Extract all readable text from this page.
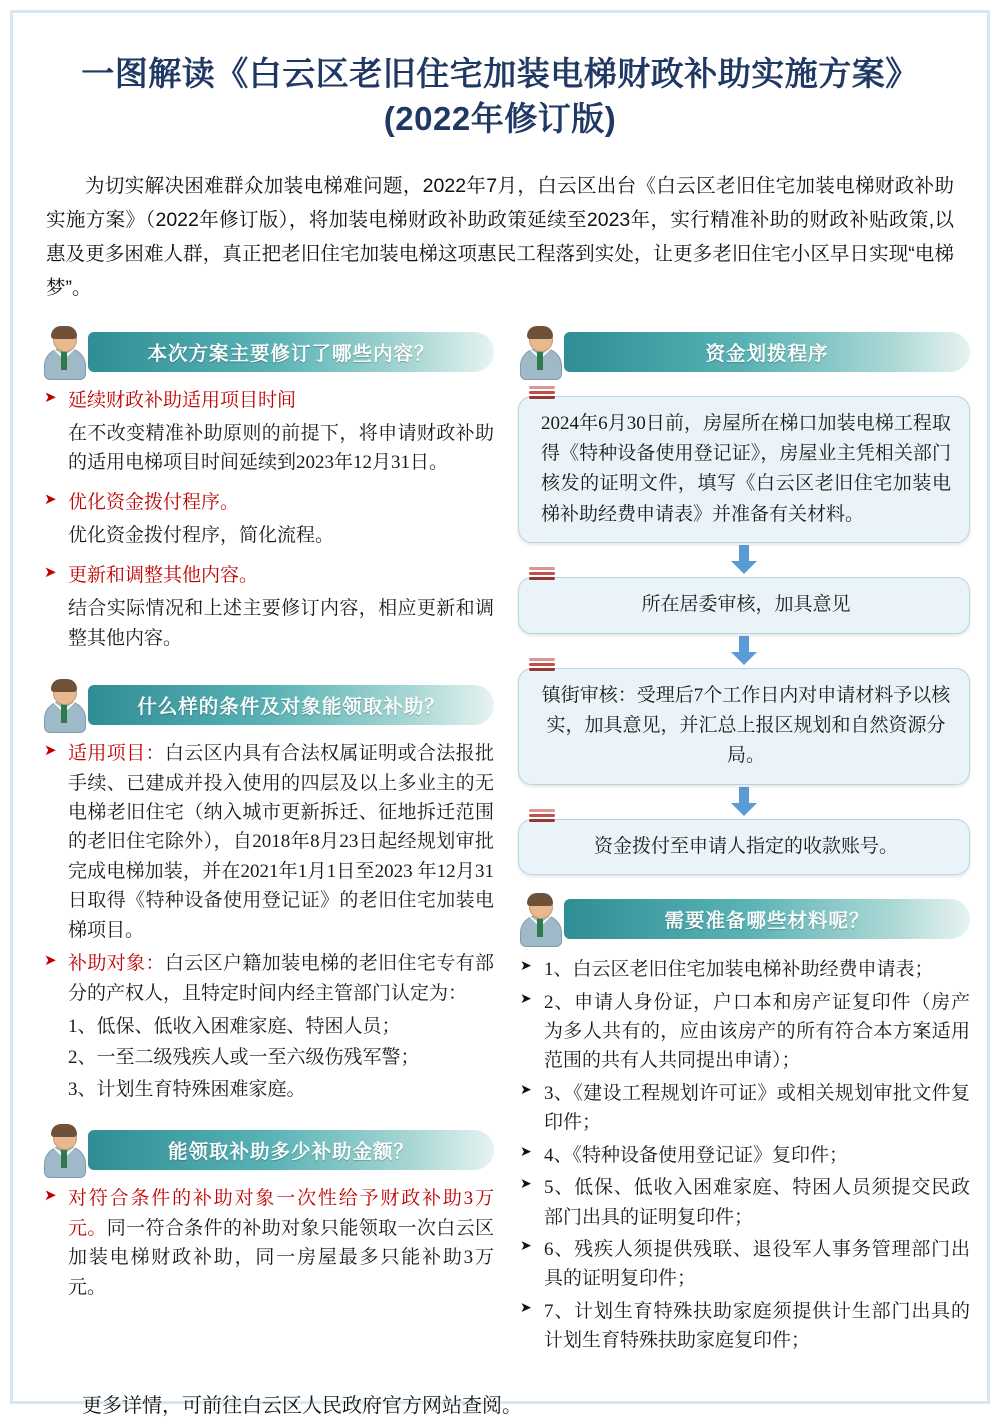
一图解读《白云区老旧住宅加装电梯财政补助实施方案》
(2022年修订版)

为切实解决困难群众加装电梯难问题，2022年7月，白云区出台《白云区老旧住宅加装电梯财政补助实施方案》（2022年修订版），将加装电梯财政补助政策延续至2023年，实行精准补助的财政补贴政策,以惠及更多困难人群，真正把老旧住宅加装电梯这项惠民工程落到实处，让更多老旧住宅小区早日实现“电梯梦”。

本次方案主要修订了哪些内容？
➤ 延续财政补助适用项目时间
在不改变精准补助原则的前提下，将申请财政补助的适用电梯项目时间延续到2023年12月31日。
➤ 优化资金拨付程序。
优化资金拨付程序，简化流程。
➤ 更新和调整其他内容。
结合实际情况和上述主要修订内容，相应更新和调整其他内容。
什么样的条件及对象能领取补助？
➤ 适用项目：白云区内具有合法权属证明或合法报批手续、已建成并投入使用的四层及以上多业主的无电梯老旧住宅（纳入城市更新拆迁、征地拆迁范围的老旧住宅除外），自2018年8月23日起经规划审批完成电梯加装，并在2021年1月1日至2023 年12月31日取得《特种设备使用登记证》的老旧住宅加装电梯项目。
➤ 补助对象：白云区户籍加装电梯的老旧住宅专有部分的产权人，且特定时间内经主管部门认定为：
1、低保、低收入困难家庭、特困人员；
2、一至二级残疾人或一至六级伤残军警；
3、计划生育特殊困难家庭。
能领取补助多少补助金额？
➤ 对符合条件的补助对象一次性给予财政补助3万元。同一符合条件的补助对象只能领取一次白云区加装电梯财政补助，同一房屋最多只能补助3万元。
资金划拨程序
2024年6月30日前，房屋所在梯口加装电梯工程取得《特种设备使用登记证》，房屋业主凭相关部门核发的证明文件，填写《白云区老旧住宅加装电梯补助经费申请表》并准备有关材料。
所在居委审核，加具意见
镇街审核：受理后7个工作日内对申请材料予以核实，加具意见，并汇总上报区规划和自然资源分局。
资金拨付至申请人指定的收款账号。
需要准备哪些材料呢？
➤ 1、白云区老旧住宅加装电梯补助经费申请表；
➤ 2、申请人身份证，户口本和房产证复印件（房产为多人共有的，应由该房产的所有符合本方案适用范围的共有人共同提出申请）；
➤ 3、《建设工程规划许可证》或相关规划审批文件复印件；
➤ 4、《特种设备使用登记证》复印件；
➤ 5、低保、低收入困难家庭、特困人员须提交民政部门出具的证明复印件；
➤ 6、残疾人须提供残联、退役军人事务管理部门出具的证明复印件；
➤ 7、计划生育特殊扶助家庭须提供计生部门出具的计划生育特殊扶助家庭复印件；
更多详情，可前往白云区人民政府官方网站查阅。
